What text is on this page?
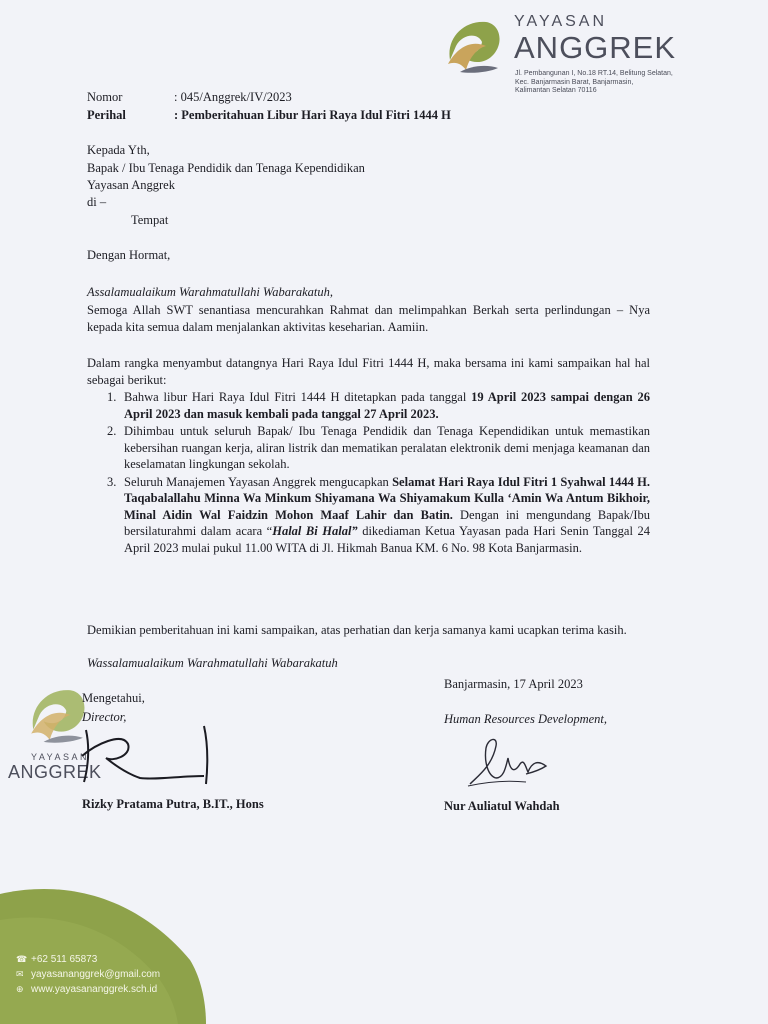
YAYASAN
ANGGREK
Jl. Pembangunan I, No.18 RT.14, Belitung Selatan,
Kec. Banjarmasin Barat, Banjarmasin,
Kalimantan Selatan 70116
Nomor	: 045/Anggrek/IV/2023
Perihal	: Pemberitahuan Libur Hari Raya Idul Fitri 1444 H
Kepada Yth,
Bapak / Ibu Tenaga Pendidik dan Tenaga Kependidikan
Yayasan Anggrek
di –
Tempat
Dengan Hormat,
Assalamualaikum Warahmatullahi Wabarakatuh,
Semoga Allah SWT senantiasa mencurahkan Rahmat dan melimpahkan Berkah serta perlindungan – Nya kepada kita semua dalam menjalankan aktivitas keseharian. Aamiin.
Dalam rangka menyambut datangnya Hari Raya Idul Fitri 1444 H, maka bersama ini kami sampaikan hal hal sebagai berikut:
1. Bahwa libur Hari Raya Idul Fitri 1444 H ditetapkan pada tanggal 19 April 2023 sampai dengan 26 April 2023 dan masuk kembali pada tanggal 27 April 2023.
2. Dihimbau untuk seluruh Bapak/ Ibu Tenaga Pendidik dan Tenaga Kependidikan untuk memastikan kebersihan ruangan kerja, aliran listrik dan mematikan peralatan elektronik demi menjaga keamanan dan keselamatan lingkungan sekolah.
3. Seluruh Manajemen Yayasan Anggrek mengucapkan Selamat Hari Raya Idul Fitri 1 Syahwal 1444 H. Taqabalallahu Minna Wa Minkum Shiyamana Wa Shiyamakum Kulla ‘Amin Wa Antum Bikhoir, Minal Aidin Wal Faidzin Mohon Maaf Lahir dan Batin. Dengan ini mengundang Bapak/Ibu bersilaturahmi dalam acara “Halal Bi Halal” dikediaman Ketua Yayasan pada Hari Senin Tanggal 24 April 2023 mulai pukul 11.00 WITA di Jl. Hikmah Banua KM. 6 No. 98 Kota Banjarmasin.
Demikian pemberitahuan ini kami sampaikan, atas perhatian dan kerja samanya kami ucapkan terima kasih.
Wassalamualaikum Warahmatullahi Wabarakatuh
Banjarmasin, 17 April 2023
YAYASAN
ANGGREK
Mengetahui,
Director,
Rizky Pratama Putra, B.IT., Hons
Human Resources Development,
Nur Auliatul Wahdah
☎ +62 511 65873
✉ yayasananggrek@gmail.com
⊕ www.yayasananggrek.sch.id
